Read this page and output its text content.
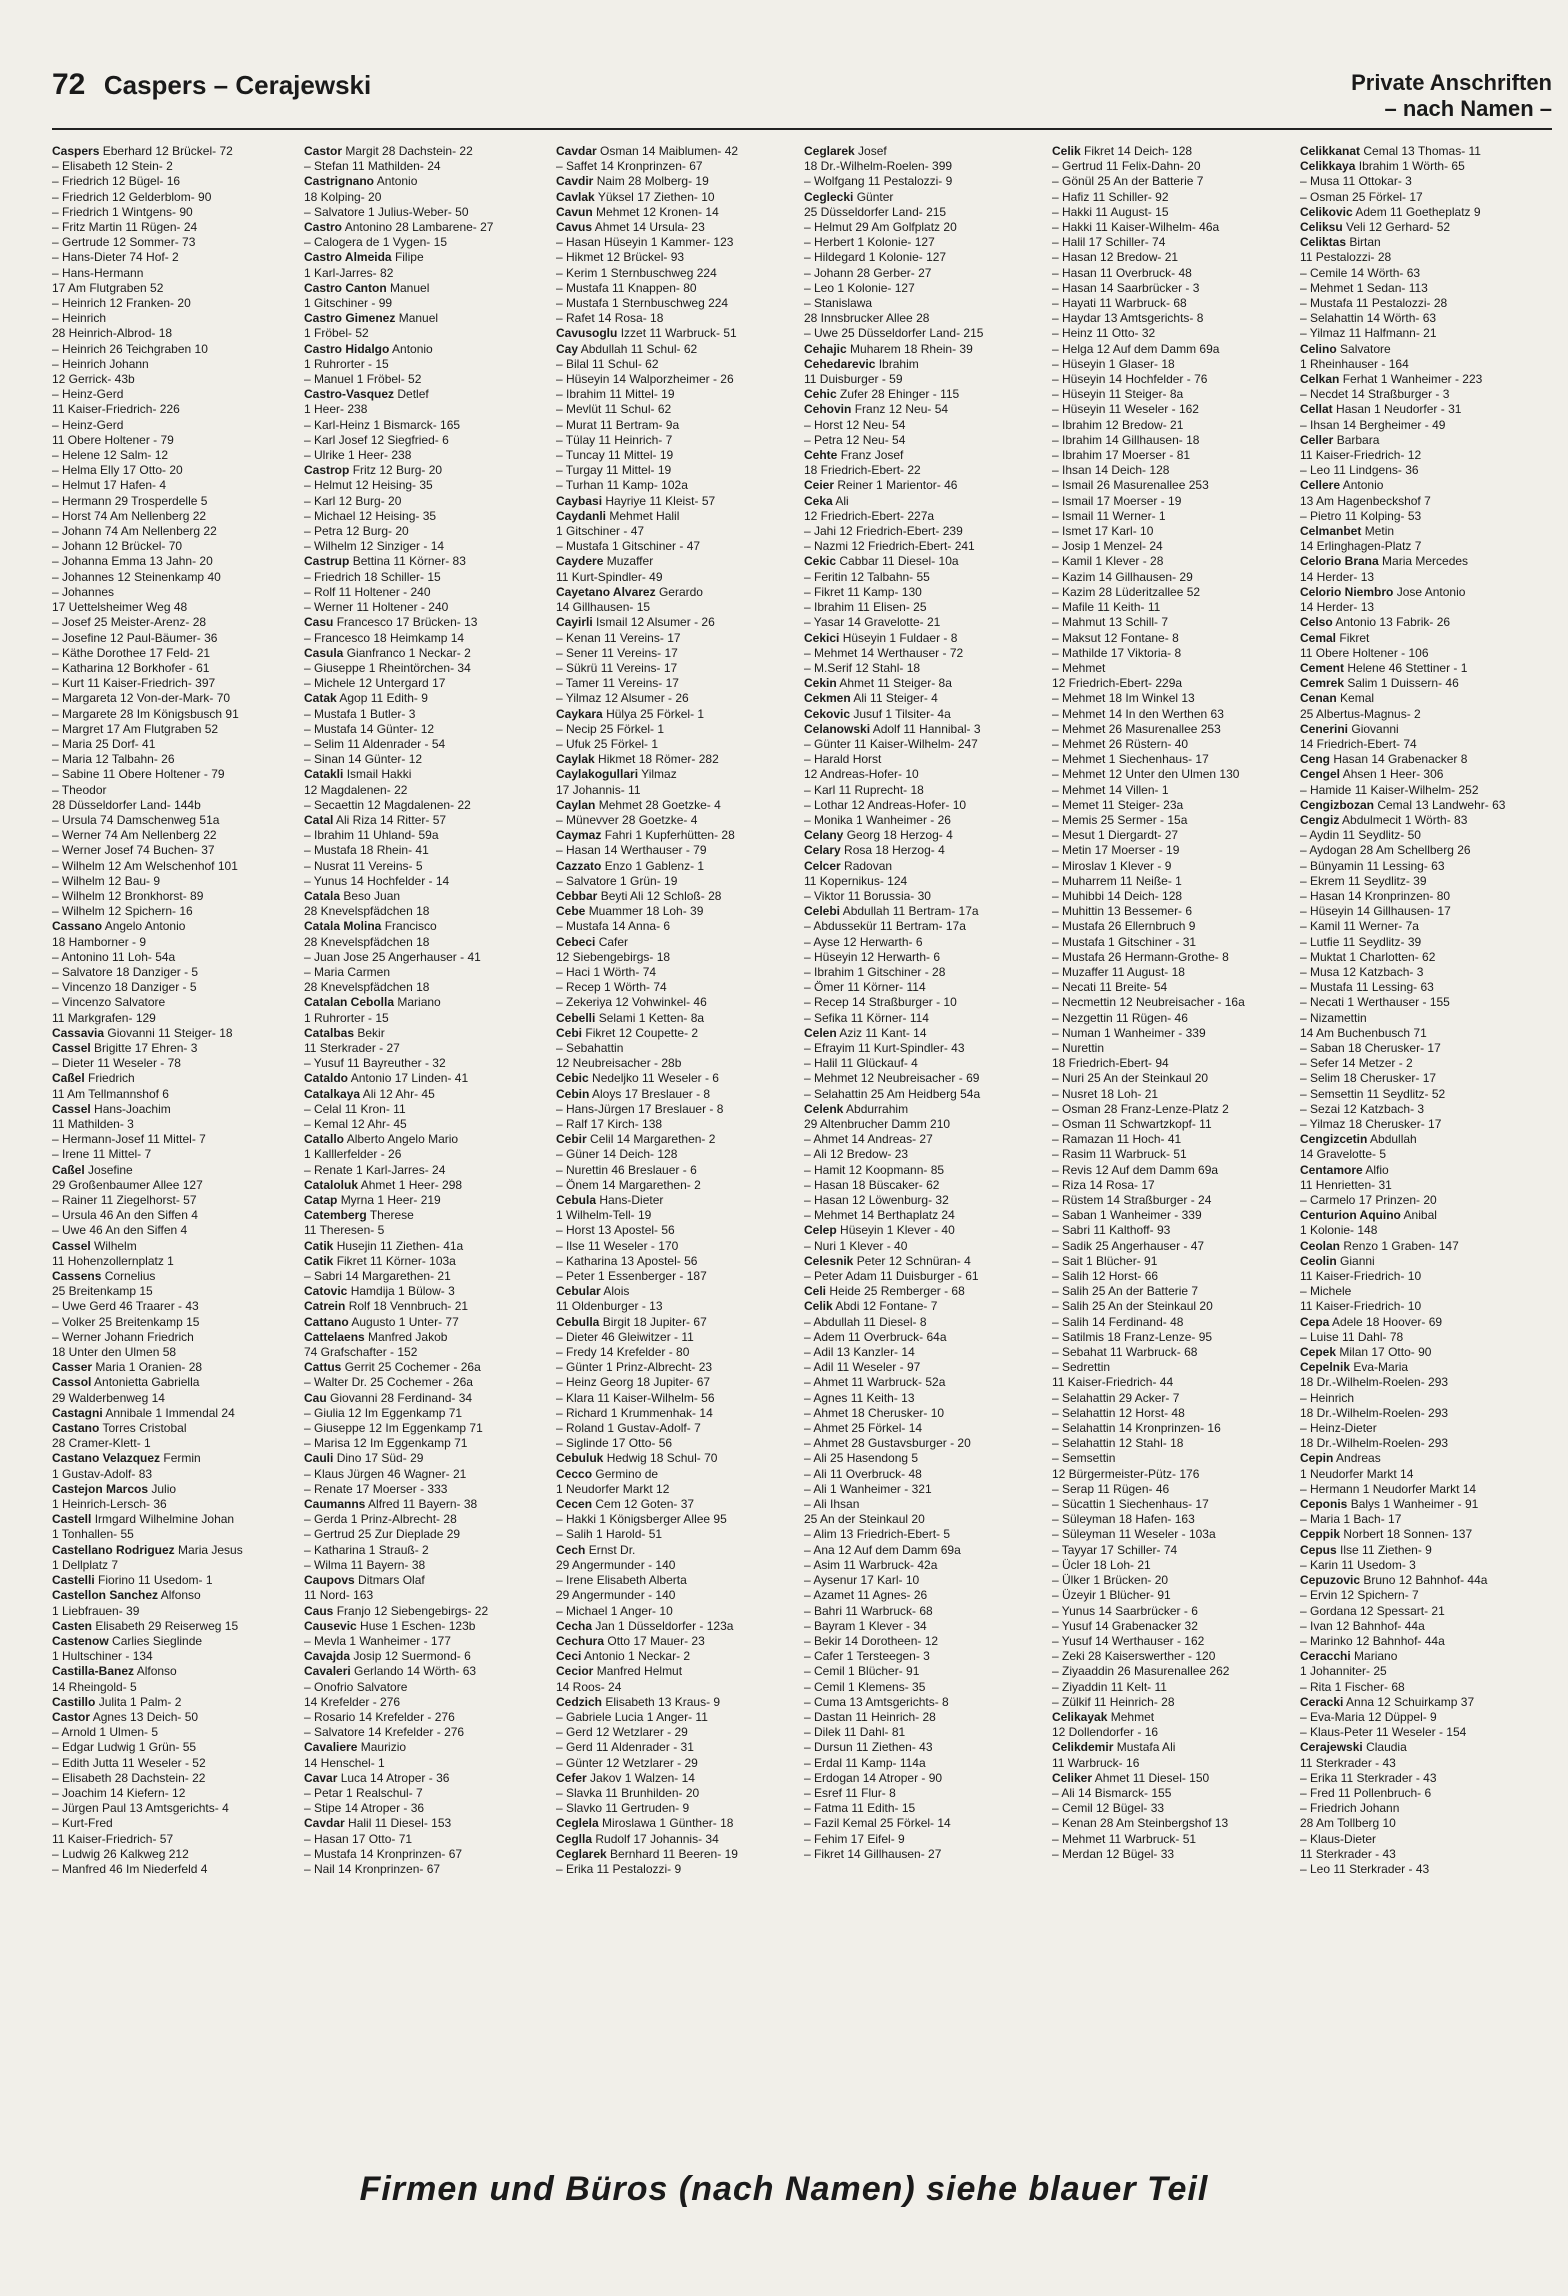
72 Caspers – Cerajewski	Private Anschriften
– nach Namen –
Caspers Eberhard 12 Brückel- 72
– Elisabeth 12 Stein- 2
– Friedrich 12 Bügel- 16
– Friedrich 12 Gelderblom- 90
– Friedrich 1 Wintgens- 90
– Fritz Martin 11 Rügen- 24
– Gertrude 12 Sommer- 73
– Hans-Dieter 74 Hof- 2
– Hans-Hermann
17 Am Flutgraben 52
– Heinrich 12 Franken- 20
– Heinrich
28 Heinrich-Albrod- 18
– Heinrich 26 Teichgraben 10
– Heinrich Johann
12 Gerrick- 43b
– Heinz-Gerd
11 Kaiser-Friedrich- 226
– Heinz-Gerd
11 Obere Holtener - 79
– Helene 12 Salm- 12
– Helma Elly 17 Otto- 20
– Helmut 17 Hafen- 4
– Hermann 29 Trosperdelle 5
– Horst 74 Am Nellenberg 22
– Johann 74 Am Nellenberg 22
– Johann 12 Brückel- 70
– Johanna Emma 13 Jahn- 20
– Johannes 12 Steinenkamp 40
– Johannes
17 Uettelsheimer Weg 48
– Josef 25 Meister-Arenz- 28
– Josefine 12 Paul-Bäumer- 36
– Käthe Dorothee 17 Feld- 21
– Katharina 12 Borkhofer - 61
– Kurt 11 Kaiser-Friedrich- 397
– Margareta 12 Von-der-Mark- 70
– Margarete 28 Im Königsbusch 91
– Margret 17 Am Flutgraben 52
– Maria 25 Dorf- 41
– Maria 12 Talbahn- 26
– Sabine 11 Obere Holtener - 79
– Theodor
28 Düsseldorfer Land- 144b
– Ursula 74 Damschenweg 51a
– Werner 74 Am Nellenberg 22
– Werner Josef 74 Buchen- 37
– Wilhelm 12 Am Welschenhof 101
– Wilhelm 12 Bau- 9
– Wilhelm 12 Bronkhorst- 89
– Wilhelm 12 Spichern- 16
Cassano Angelo Antonio
18 Hamborner - 9
– Antonino 11 Loh- 54a
– Salvatore 18 Danziger - 5
– Vincenzo 18 Danziger - 5
– Vincenzo Salvatore
11 Markgrafen- 129
Cassavia Giovanni 11 Steiger- 18
Cassel Brigitte 17 Ehren- 3
– Dieter 11 Weseler - 78
Caßel Friedrich
11 Am Tellmannshof 6
Cassel Hans-Joachim
11 Mathilden- 3
– Hermann-Josef 11 Mittel- 7
– Irene 11 Mittel- 7
Caßel Josefine
29 Großenbaumer Allee 127
– Rainer 11 Ziegelhorst- 57
– Ursula 46 An den Siffen 4
– Uwe 46 An den Siffen 4
Cassel Wilhelm
11 Hohenzollernplatz 1
Cassens Cornelius
25 Breitenkamp 15
– Uwe Gerd 46 Traarer - 43
– Volker 25 Breitenkamp 15
– Werner Johann Friedrich
18 Unter den Ulmen 58
Casser Maria 1 Oranien- 28
Cassol Antonietta Gabriella
29 Walderbenweg 14
Castagni Annibale 1 Immendal 24
Castano Torres Cristobal
28 Cramer-Klett- 1
Castano Velazquez Fermin
1 Gustav-Adolf- 83
Castejon Marcos Julio
1 Heinrich-Lersch- 36
Castell Irmgard Wilhelmine Johan
1 Tonhallen- 55
Castellano Rodriguez Maria Jesus
1 Dellplatz 7
Castelli Fiorino 11 Usedom- 1
Castellon Sanchez Alfonso
1 Liebfrauen- 39
Casten Elisabeth 29 Reiserweg 15
Castenow Carlies Sieglinde
1 Hultschiner - 134
Castilla-Banez Alfonso
14 Rheingold- 5
Castillo Julita 1 Palm- 2
Castor Agnes 13 Deich- 50
– Arnold 1 Ulmen- 5
– Edgar Ludwig 1 Grün- 55
– Edith Jutta 11 Weseler - 52
– Elisabeth 28 Dachstein- 22
– Joachim 14 Kiefern- 12
– Jürgen Paul 13 Amtsgerichts- 4
– Kurt-Fred
11 Kaiser-Friedrich- 57
– Ludwig 26 Kalkweg 212
– Manfred 46 Im Niederfeld 4
Castor Margit 28 Dachstein- 22
– Stefan 11 Mathilden- 24
Castrignano Antonio
18 Kolping- 20
– Salvatore 1 Julius-Weber- 50
Castro Antonino 28 Lambarene- 27
– Calogera de 1 Vygen- 15
Castro Almeida Filipe
1 Karl-Jarres- 82
Castro Canton Manuel
1 Gitschiner - 99
Castro Gimenez Manuel
1 Fröbel- 52
Castro Hidalgo Antonio
1 Ruhrorter - 15
– Manuel 1 Fröbel- 52
Castro-Vasquez Detlef
1 Heer- 238
– Karl-Heinz 1 Bismarck- 165
– Karl Josef 12 Siegfried- 6
– Ulrike 1 Heer- 238
Castrop Fritz 12 Burg- 20
– Helmut 12 Heising- 35
– Karl 12 Burg- 20
– Michael 12 Heising- 35
– Petra 12 Burg- 20
– Wilhelm 12 Sinziger - 14
Castrup Bettina 11 Körner- 83
– Friedrich 18 Schiller- 15
– Rolf 11 Holtener - 240
– Werner 11 Holtener - 240
Casu Francesco 17 Brücken- 13
– Francesco 18 Heimkamp 14
Casula Gianfranco 1 Neckar- 2
– Giuseppe 1 Rheintörchen- 34
– Michele 12 Untergard 17
Catak Agop 11 Edith- 9
– Mustafa 1 Butler- 3
– Mustafa 14 Günter- 12
– Selim 11 Aldenrader - 54
– Sinan 14 Günter- 12
Catakli Ismail Hakki
12 Magdalenen- 22
– Secaettin 12 Magdalenen- 22
Catal Ali Riza 14 Ritter- 57
– Ibrahim 11 Uhland- 59a
– Mustafa 18 Rhein- 41
– Nusrat 11 Vereins- 5
– Yunus 14 Hochfelder - 14
Catala Beso Juan
28 Knevelspfädchen 18
Catala Molina Francisco
28 Knevelspfädchen 18
– Juan Jose 25 Angerhauser - 41
– Maria Carmen
28 Knevelspfädchen 18
Catalan Cebolla Mariano
1 Ruhrorter - 15
Catalbas Bekir
11 Sterkrader - 27
– Yusuf 11 Bayreuther - 32
Cataldo Antonio 17 Linden- 41
Catalkaya Ali 12 Ahr- 45
– Celal 11 Kron- 11
– Kemal 12 Ahr- 45
Catallo Alberto Angelo Mario
1 Kalllerfelder - 26
– Renate 1 Karl-Jarres- 24
Cataloluk Ahmet 1 Heer- 298
Catap Myrna 1 Heer- 219
Catemberg Therese
11 Theresen- 5
Catik Husejin 11 Ziethen- 41a
Catik Fikret 11 Körner- 103a
– Sabri 14 Margarethen- 21
Catovic Hamdija 1 Bülow- 3
Catrein Rolf 18 Vennbruch- 21
Cattano Augusto 1 Unter- 77
Cattelaens Manfred Jakob
74 Grafschafter - 152
Cattus Gerrit 25 Cochemer - 26a
– Walter Dr. 25 Cochemer - 26a
Cau Giovanni 28 Ferdinand- 34
– Giulia 12 Im Eggenkamp 71
– Giuseppe 12 Im Eggenkamp 71
– Marisa 12 Im Eggenkamp 71
Cauli Dino 17 Süd- 29
– Klaus Jürgen 46 Wagner- 21
– Renate 17 Moerser - 333
Caumanns Alfred 11 Bayern- 38
– Gerda 1 Prinz-Albrecht- 28
– Gertrud 25 Zur Dieplade 29
– Katharina 1 Strauß- 2
– Wilma 11 Bayern- 38
Caupovs Ditmars Olaf
11 Nord- 163
Caus Franjo 12 Siebengebirgs- 22
Causevic Huse 1 Eschen- 123b
– Mevla 1 Wanheimer - 177
Cavajda Josip 12 Suermond- 6
Cavaleri Gerlando 14 Wörth- 63
– Onofrio Salvatore
14 Krefelder - 276
– Rosario 14 Krefelder - 276
– Salvatore 14 Krefelder - 276
Cavaliere Maurizio
14 Henschel- 1
Cavar Luca 14 Atroper - 36
– Petar 1 Realschul- 7
– Stipe 14 Atroper - 36
Cavdar Halil 11 Diesel- 153
– Hasan 17 Otto- 71
– Mustafa 14 Kronprinzen- 67
– Nail 14 Kronprinzen- 67
Cavdar Osman 14 Maiblumen- 42
– Saffet 14 Kronprinzen- 67
Cavdir Naim 28 Molberg- 19
Cavlak Yüksel 17 Ziethen- 10
Cavun Mehmet 12 Kronen- 14
Cavus Ahmet 14 Ursula- 23
– Hasan Hüseyin 1 Kammer- 123
– Hikmet 12 Brückel- 93
– Kerim 1 Sternbuschweg 224
– Mustafa 11 Knappen- 80
– Mustafa 1 Sternbuschweg 224
– Rafet 14 Rosa- 18
Cavusoglu Izzet 11 Warbruck- 51
Cay Abdullah 11 Schul- 62
– Bilal 11 Schul- 62
– Hüseyin 14 Walporzheimer - 26
– Ibrahim 11 Mittel- 19
– Mevlüt 11 Schul- 62
– Murat 11 Bertram- 9a
– Tülay 11 Heinrich- 7
– Tuncay 11 Mittel- 19
– Turgay 11 Mittel- 19
– Turhan 11 Kamp- 102a
Caybasi Hayriye 11 Kleist- 57
Caydanli Mehmet Halil
1 Gitschiner - 47
– Mustafa 1 Gitschiner - 47
Caydere Muzaffer
11 Kurt-Spindler- 49
Cayetano Alvarez Gerardo
14 Gillhausen- 15
Cayirli Ismail 12 Alsumer - 26
– Kenan 11 Vereins- 17
– Sener 11 Vereins- 17
– Sükrü 11 Vereins- 17
– Tamer 11 Vereins- 17
– Yilmaz 12 Alsumer - 26
Caykara Hülya 25 Förkel- 1
– Necip 25 Förkel- 1
– Ufuk 25 Förkel- 1
Caylak Hikmet 18 Römer- 282
Caylakogullari Yilmaz
17 Johannis- 11
Caylan Mehmet 28 Goetzke- 4
– Münevver 28 Goetzke- 4
Caymaz Fahri 1 Kupferhütten- 28
– Hasan 14 Werthauser - 79
Cazzato Enzo 1 Gablenz- 1
– Salvatore 1 Grün- 19
Cebbar Beyti Ali 12 Schloß- 28
Cebe Muammer 18 Loh- 39
– Mustafa 14 Anna- 6
Cebeci Cafer
12 Siebengebirgs- 18
– Haci 1 Wörth- 74
– Recep 1 Wörth- 74
– Zekeriya 12 Vohwinkel- 46
Cebelli Selami 1 Ketten- 8a
Cebi Fikret 12 Coupette- 2
– Sebahattin
12 Neubreisacher - 28b
Cebic Nedeljko 11 Weseler - 6
Cebin Aloys 17 Breslauer - 8
– Hans-Jürgen 17 Breslauer - 8
– Ralf 17 Kirch- 138
Cebir Celil 14 Margarethen- 2
– Güner 14 Deich- 128
– Nurettin 46 Breslauer - 6
– Önem 14 Margarethen- 2
Cebula Hans-Dieter
1 Wilhelm-Tell- 19
– Horst 13 Apostel- 56
– Ilse 11 Weseler - 170
– Katharina 13 Apostel- 56
– Peter 1 Essenberger - 187
Cebular Alois
11 Oldenburger - 13
Cebulla Birgit 18 Jupiter- 67
– Dieter 46 Gleiwitzer - 11
– Fredy 14 Krefelder - 80
– Günter 1 Prinz-Albrecht- 23
– Heinz Georg 18 Jupiter- 67
– Klara 11 Kaiser-Wilhelm- 56
– Richard 1 Krummenhak- 14
– Roland 1 Gustav-Adolf- 7
– Siglinde 17 Otto- 56
Cebuluk Hedwig 18 Schul- 70
Cecco Germino de
1 Neudorfer Markt 12
Cecen Cem 12 Goten- 37
– Hakki 1 Königsberger Allee 95
– Salih 1 Harold- 51
Cech Ernst Dr.
29 Angermunder - 140
– Irene Elisabeth Alberta
29 Angermunder - 140
– Michael 1 Anger- 10
Cecha Jan 1 Düsseldorfer - 123a
Cechura Otto 17 Mauer- 23
Ceci Antonio 1 Neckar- 2
Cecior Manfred Helmut
14 Roos- 24
Cedzich Elisabeth 13 Kraus- 9
– Gabriele Lucia 1 Anger- 11
– Gerd 12 Wetzlarer - 29
– Gerd 11 Aldenrader - 31
– Günter 12 Wetzlarer - 29
Cefer Jakov 1 Walzen- 14
– Slavka 11 Brunhilden- 20
– Slavko 11 Gertruden- 9
Ceglela Miroslawa 1 Günther- 18
Ceglla Rudolf 17 Johannis- 34
Ceglarek Bernhard 11 Beeren- 19
– Erika 11 Pestalozzi- 9
Ceglarek Josef
18 Dr.-Wilhelm-Roelen- 399
– Wolfgang 11 Pestalozzi- 9
Ceglecki Günter
25 Düsseldorfer Land- 215
– Helmut 29 Am Golfplatz 20
– Herbert 1 Kolonie- 127
– Hildegard 1 Kolonie- 127
– Johann 28 Gerber- 27
– Leo 1 Kolonie- 127
– Stanislawa
28 Innsbrucker Allee 28
– Uwe 25 Düsseldorfer Land- 215
Cehajic Muharem 18 Rhein- 39
Cehedarevic Ibrahim
11 Duisburger - 59
Cehic Zufer 28 Ehinger - 115
Cehovin Franz 12 Neu- 54
– Horst 12 Neu- 54
– Petra 12 Neu- 54
Cehte Franz Josef
18 Friedrich-Ebert- 22
Ceier Reiner 1 Marientor- 46
Ceka Ali
12 Friedrich-Ebert- 227a
– Jahi 12 Friedrich-Ebert- 239
– Nazmi 12 Friedrich-Ebert- 241
Cekic Cabbar 11 Diesel- 10a
– Feritin 12 Talbahn- 55
– Fikret 11 Kamp- 130
– Ibrahim 11 Elisen- 25
– Yasar 14 Gravelotte- 21
Cekici Hüseyin 1 Fuldaer - 8
– Mehmet 14 Werthauser - 72
– M.Serif 12 Stahl- 18
Cekin Ahmet 11 Steiger- 8a
Cekmen Ali 11 Steiger- 4
Cekovic Jusuf 1 Tilsiter- 4a
Celanowski Adolf 11 Hannibal- 3
– Günter 11 Kaiser-Wilhelm- 247
– Harald Horst
12 Andreas-Hofer- 10
– Karl 11 Ruprecht- 18
– Lothar 12 Andreas-Hofer- 10
– Monika 1 Wanheimer - 26
Celany Georg 18 Herzog- 4
Celary Rosa 18 Herzog- 4
Celcer Radovan
11 Kopernikus- 124
– Viktor 11 Borussia- 30
Celebi Abdullah 11 Bertram- 17a
– Abdussekür 11 Bertram- 17a
– Ayse 12 Herwarth- 6
– Hüseyin 12 Herwarth- 6
– Ibrahim 1 Gitschiner - 28
– Ömer 11 Körner- 114
– Recep 14 Straßburger - 10
– Sefika 11 Körner- 114
Celen Aziz 11 Kant- 14
– Efrayim 11 Kurt-Spindler- 43
– Halil 11 Glückauf- 4
– Mehmet 12 Neubreisacher - 69
– Selahattin 25 Am Heidberg 54a
Celenk Abdurrahim
29 Altenbrucher Damm 210
– Ahmet 14 Andreas- 27
– Ali 12 Bredow- 23
– Hamit 12 Koopmann- 85
– Hasan 18 Büscaker- 62
– Hasan 12 Löwenburg- 32
– Mehmet 14 Berthaplatz 24
Celep Hüseyin 1 Klever - 40
– Nuri 1 Klever - 40
Celesnik Peter 12 Schnüran- 4
– Peter Adam 11 Duisburger - 61
Celi Heide 25 Remberger - 68
Celik Abdi 12 Fontane- 7
– Abdullah 11 Diesel- 8
– Adem 11 Overbruck- 64a
– Adil 13 Kanzler- 14
– Adil 11 Weseler - 97
– Ahmet 11 Warbruck- 52a
– Agnes 11 Keith- 13
– Ahmet 18 Cherusker- 10
– Ahmet 25 Förkel- 14
– Ahmet 28 Gustavsburger - 20
– Ali 25 Hasendong 5
– Ali 11 Overbruck- 48
– Ali 1 Wanheimer - 321
– Ali Ihsan
25 An der Steinkaul 20
– Alim 13 Friedrich-Ebert- 5
– Ana 12 Auf dem Damm 69a
– Asim 11 Warbruck- 42a
– Aysenur 17 Karl- 10
– Azamet 11 Agnes- 26
– Bahri 11 Warbruck- 68
– Bayram 1 Klever - 34
– Bekir 14 Dorotheen- 12
– Cafer 1 Tersteegen- 3
– Cemil 1 Blücher- 91
– Cemil 1 Klemens- 35
– Cuma 13 Amtsgerichts- 8
– Dastan 11 Heinrich- 28
– Dilek 11 Dahl- 81
– Dursun 11 Ziethen- 43
– Erdal 11 Kamp- 114a
– Erdogan 14 Atroper - 90
– Esref 11 Flur- 8
– Fatma 11 Edith- 15
– Fazil Kemal 25 Förkel- 14
– Fehim 17 Eifel- 9
– Fikret 14 Gillhausen- 27
Celik Fikret 14 Deich- 128
– Gertrud 11 Felix-Dahn- 20
– Gönül 25 An der Batterie 7
– Hafiz 11 Schiller- 92
– Hakki 11 August- 15
– Hakki 11 Kaiser-Wilhelm- 46a
– Halil 17 Schiller- 74
– Hasan 12 Bredow- 21
– Hasan 11 Overbruck- 48
– Hasan 14 Saarbrücker - 3
– Hayati 11 Warbruck- 68
– Haydar 13 Amtsgerichts- 8
– Heinz 11 Otto- 32
– Helga 12 Auf dem Damm 69a
– Hüseyin 1 Glaser- 18
– Hüseyin 14 Hochfelder - 76
– Hüseyin 11 Steiger- 8a
– Hüseyin 11 Weseler - 162
– Ibrahim 12 Bredow- 21
– Ibrahim 14 Gillhausen- 18
– Ibrahim 17 Moerser - 81
– Ihsan 14 Deich- 128
– Ismail 26 Masurenallee 253
– Ismail 17 Moerser - 19
– Ismail 11 Werner- 1
– Ismet 17 Karl- 10
– Josip 1 Menzel- 24
– Kamil 1 Klever - 28
– Kazim 14 Gillhausen- 29
– Kazim 28 Lüderitzallee 52
– Mafile 11 Keith- 11
– Mahmut 13 Schill- 7
– Maksut 12 Fontane- 8
– Mathilde 17 Viktoria- 8
– Mehmet
12 Friedrich-Ebert- 229a
– Mehmet 18 Im Winkel 13
– Mehmet 14 In den Werthen 63
– Mehmet 26 Masurenallee 253
– Mehmet 26 Rüstern- 40
– Mehmet 1 Siechenhaus- 17
– Mehmet 12 Unter den Ulmen 130
– Mehmet 14 Villen- 1
– Memet 11 Steiger- 23a
– Memis 25 Sermer - 15a
– Mesut 1 Diergardt- 27
– Metin 17 Moerser - 19
– Miroslav 1 Klever - 9
– Muharrem 11 Neiße- 1
– Muhibbi 14 Deich- 128
– Muhittin 13 Bessemer- 6
– Mustafa 26 Ellernbruch 9
– Mustafa 1 Gitschiner - 31
– Mustafa 26 Hermann-Grothe- 8
– Muzaffer 11 August- 18
– Necati 11 Breite- 54
– Necmettin 12 Neubreisacher - 16a
– Nezgettin 11 Rügen- 46
– Numan 1 Wanheimer - 339
– Nurettin
18 Friedrich-Ebert- 94
– Nuri 25 An der Steinkaul 20
– Nusret 18 Loh- 21
– Osman 28 Franz-Lenze-Platz 2
– Osman 11 Schwartzkopf- 11
– Ramazan 11 Hoch- 41
– Rasim 11 Warbruck- 51
– Revis 12 Auf dem Damm 69a
– Riza 14 Rosa- 17
– Rüstem 14 Straßburger - 24
– Saban 1 Wanheimer - 339
– Sabri 11 Kalthoff- 93
– Sadik 25 Angerhauser - 47
– Sait 1 Blücher- 91
– Salih 12 Horst- 66
– Salih 25 An der Batterie 7
– Salih 25 An der Steinkaul 20
– Salih 14 Ferdinand- 48
– Satilmis 18 Franz-Lenze- 95
– Sebahat 11 Warbruck- 68
– Sedrettin
11 Kaiser-Friedrich- 44
– Selahattin 29 Acker- 7
– Selahattin 12 Horst- 48
– Selahattin 14 Kronprinzen- 16
– Selahattin 12 Stahl- 18
– Semsettin
12 Bürgermeister-Pütz- 176
– Serap 11 Rügen- 46
– Sücattin 1 Siechenhaus- 17
– Süleyman 18 Hafen- 163
– Süleyman 11 Weseler - 103a
– Tayyar 17 Schiller- 74
– Ücler 18 Loh- 21
– Ülker 1 Brücken- 20
– Üzeyir 1 Blücher- 91
– Yunus 14 Saarbrücker - 6
– Yusuf 14 Grabenacker 32
– Yusuf 14 Werthauser - 162
– Zeki 28 Kaiserswerther - 120
– Ziyaaddin 26 Masurenallee 262
– Ziyaddin 11 Kelt- 11
– Zülkif 11 Heinrich- 28
Celikayak Mehmet
12 Dollendorfer - 16
Celikdemir Mustafa Ali
11 Warbruck- 16
Celiker Ahmet 11 Diesel- 150
– Ali 14 Bismarck- 155
– Cemil 12 Bügel- 33
– Kenan 28 Am Steinbergshof 13
– Mehmet 11 Warbruck- 51
– Merdan 12 Bügel- 33
Celikkanat Cemal 13 Thomas- 11
Celikkaya Ibrahim 1 Wörth- 65
– Musa 11 Ottokar- 3
– Osman 25 Förkel- 17
Celikovic Adem 11 Goetheplatz 9
Celiksu Veli 12 Gerhard- 52
Celiktas Birtan
11 Pestalozzi- 28
– Cemile 14 Wörth- 63
– Mehmet 1 Sedan- 113
– Mustafa 11 Pestalozzi- 28
– Selahattin 14 Wörth- 63
– Yilmaz 11 Halfmann- 21
Celino Salvatore
1 Rheinhauser - 164
Celkan Ferhat 1 Wanheimer - 223
– Necdet 14 Straßburger - 3
Cellat Hasan 1 Neudorfer - 31
– Ihsan 14 Bergheimer - 49
Celler Barbara
11 Kaiser-Friedrich- 12
– Leo 11 Lindgens- 36
Cellere Antonio
13 Am Hagenbeckshof 7
– Pietro 11 Kolping- 53
Celmanbet Metin
14 Erlinghagen-Platz 7
Celorio Brana Maria Mercedes
14 Herder- 13
Celorio Niembro Jose Antonio
14 Herder- 13
Celso Antonio 13 Fabrik- 26
Cemal Fikret
11 Obere Holtener - 106
Cement Helene 46 Stettiner - 1
Cemrek Salim 1 Duissern- 46
Cenan Kemal
25 Albertus-Magnus- 2
Cenerini Giovanni
14 Friedrich-Ebert- 74
Ceng Hasan 14 Grabenacker 8
Cengel Ahsen 1 Heer- 306
– Hamide 11 Kaiser-Wilhelm- 252
Cengizbozan Cemal 13 Landwehr- 63
Cengiz Abdulmecit 1 Wörth- 83
– Aydin 11 Seydlitz- 50
– Aydogan 28 Am Schellberg 26
– Bünyamin 11 Lessing- 63
– Ekrem 11 Seydlitz- 39
– Hasan 14 Kronprinzen- 80
– Hüseyin 14 Gillhausen- 17
– Kamil 11 Werner- 7a
– Lutfie 11 Seydlitz- 39
– Muktat 1 Charlotten- 62
– Musa 12 Katzbach- 3
– Mustafa 11 Lessing- 63
– Necati 1 Werthauser - 155
– Nizamettin
14 Am Buchenbusch 71
– Saban 18 Cherusker- 17
– Sefer 14 Metzer - 2
– Selim 18 Cherusker- 17
– Semsettin 11 Seydlitz- 52
– Sezai 12 Katzbach- 3
– Yilmaz 18 Cherusker- 17
Cengizcetin Abdullah
14 Gravelotte- 5
Centamore Alfio
11 Henrietten- 31
– Carmelo 17 Prinzen- 20
Centurion Aquino Anibal
1 Kolonie- 148
Ceolan Renzo 1 Graben- 147
Ceolin Gianni
11 Kaiser-Friedrich- 10
– Michele
11 Kaiser-Friedrich- 10
Cepa Adele 18 Hoover- 69
– Luise 11 Dahl- 78
Cepek Milan 17 Otto- 90
Cepelnik Eva-Maria
18 Dr.-Wilhelm-Roelen- 293
– Heinrich
18 Dr.-Wilhelm-Roelen- 293
– Heinz-Dieter
18 Dr.-Wilhelm-Roelen- 293
Cepin Andreas
1 Neudorfer Markt 14
– Hermann 1 Neudorfer Markt 14
Ceponis Balys 1 Wanheimer - 91
– Maria 1 Bach- 17
Ceppik Norbert 18 Sonnen- 137
Cepus Ilse 11 Ziethen- 9
– Karin 11 Usedom- 3
Cepuzovic Bruno 12 Bahnhof- 44a
– Ervin 12 Spichern- 7
– Gordana 12 Spessart- 21
– Ivan 12 Bahnhof- 44a
– Marinko 12 Bahnhof- 44a
Ceracchi Mariano
1 Johanniter- 25
– Rita 1 Fischer- 68
Ceracki Anna 12 Schuirkamp 37
– Eva-Maria 12 Düppel- 9
– Klaus-Peter 11 Weseler - 154
Cerajewski Claudia
11 Sterkrader - 43
– Erika 11 Sterkrader - 43
– Fred 11 Pollenbruch- 6
– Friedrich Johann
28 Am Tollberg 10
– Klaus-Dieter
11 Sterkrader - 43
– Leo 11 Sterkrader - 43
Firmen und Büros (nach Namen) siehe blauer Teil
